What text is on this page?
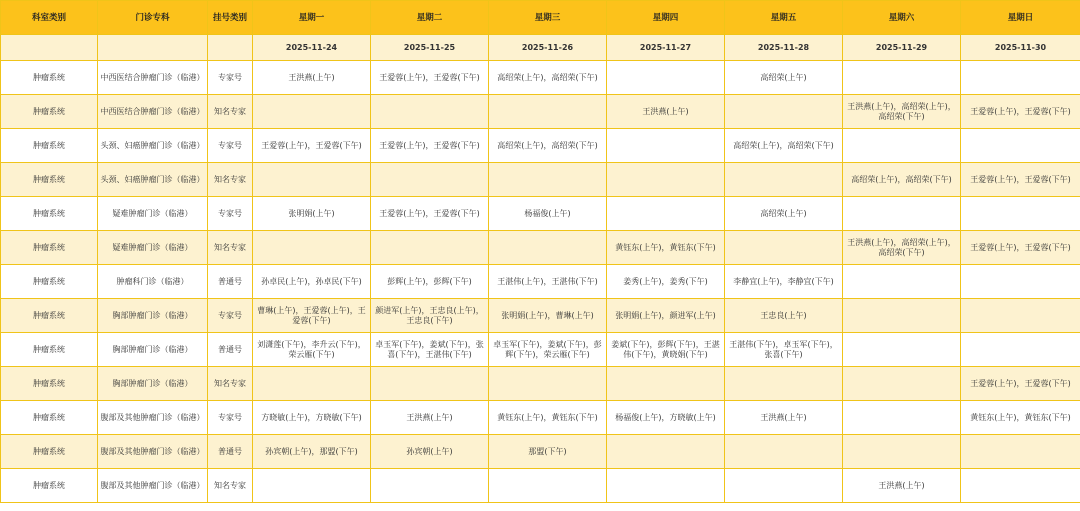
科室类别	门诊专科	挂号类别	星期一	星期二	星期三	星期四	星期五	星期六	星期日
			2025-11-24	2025-11-25	2025-11-26	2025-11-27	2025-11-28	2025-11-29	2025-11-30
肿瘤系统	中西医结合肿瘤门诊（临港）	专家号	王洪燕(上午)	王爱蓉(上午)，王爱蓉(下午)	高绍荣(上午)，高绍荣(下午)		高绍荣(上午)		
肿瘤系统	中西医结合肿瘤门诊（临港）	知名专家				王洪燕(上午)		王洪燕(上午)，高绍荣(上午)，高绍荣(下午)	王爱蓉(上午)，王爱蓉(下午)
肿瘤系统	头颈、妇癌肿瘤门诊（临港）	专家号	王爱蓉(上午)，王爱蓉(下午)	王爱蓉(上午)，王爱蓉(下午)	高绍荣(上午)，高绍荣(下午)		高绍荣(上午)，高绍荣(下午)		
肿瘤系统	头颈、妇癌肿瘤门诊（临港）	知名专家						高绍荣(上午)，高绍荣(下午)	王爱蓉(上午)，王爱蓉(下午)
肿瘤系统	疑难肿瘤门诊（临港）	专家号	张明娟(上午)	王爱蓉(上午)，王爱蓉(下午)	杨福俊(上午)		高绍荣(上午)		
肿瘤系统	疑难肿瘤门诊（临港）	知名专家				黄钰东(上午)，黄钰东(下午)		王洪燕(上午)，高绍荣(上午)，高绍荣(下午)	王爱蓉(上午)，王爱蓉(下午)
肿瘤系统	肿瘤科门诊（临港）	普通号	孙卓民(上午)，孙卓民(下午)	彭辉(上午)，彭辉(下午)	王湛伟(上午)，王湛伟(下午)	姜秀(上午)，姜秀(下午)	李静宜(上午)，李静宜(下午)		
肿瘤系统	胸部肿瘤门诊（临港）	专家号	曹琳(上午)，王爱蓉(上午)，王爱蓉(下午)	颜进军(上午)，王忠良(上午)，王忠良(下午)	张明娟(上午)，曹琳(上午)	张明娟(上午)，颜进军(上午)	王忠良(上午)		
肿瘤系统	胸部肿瘤门诊（临港）	普通号	刘潇莲(下午)，李升云(下午)，荣云雁(下午)	卓玉军(下午)，姜斌(下午)，张喜(下午)，王湛伟(下午)	卓玉军(下午)，姜斌(下午)，彭辉(下午)，荣云雁(下午)	姜斌(下午)，彭辉(下午)，王湛伟(下午)，黄晓娟(下午)	王湛伟(下午)，卓玉军(下午)，张喜(下午)		
肿瘤系统	胸部肿瘤门诊（临港）	知名专家							王爱蓉(上午)，王爱蓉(下午)
肿瘤系统	腹部及其他肿瘤门诊（临港）	专家号	方晓敏(上午)，方晓敏(下午)	王洪燕(上午)	黄钰东(上午)，黄钰东(下午)	杨福俊(上午)，方晓敏(上午)	王洪燕(上午)		黄钰东(上午)，黄钰东(下午)
肿瘤系统	腹部及其他肿瘤门诊（临港）	普通号	孙宾朝(上午)，那盟(下午)	孙宾朝(上午)	那盟(下午)				
肿瘤系统	腹部及其他肿瘤门诊（临港）	知名专家						王洪燕(上午)	
